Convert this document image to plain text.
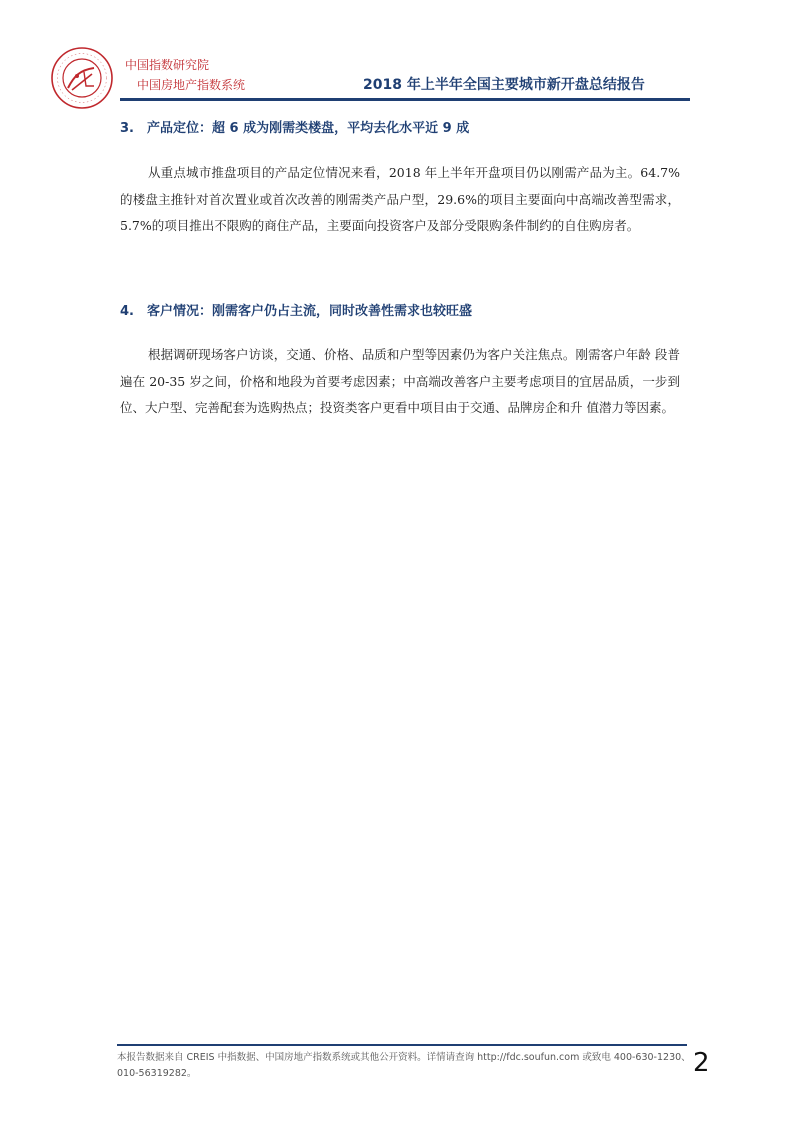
中国指数研究院
中国房地产指数系统	2018 年上半年全国主要城市新开盘总结报告
3. 产品定位：超 6 成为刚需类楼盘，平均去化水平近 9 成

从重点城市推盘项目的产品定位情况来看，2018 年上半年开盘项目仍以刚需产品为主。64.7%的楼盘主推针对首次置业或首次改善的刚需类产品户型，29.6%的项目主要面向中高端改善型需求，5.7%的项目推出不限购的商住产品，主要面向投资客户及部分受限购条件制约的自住购房者。

4. 客户情况：刚需客户仍占主流，同时改善性需求也较旺盛

根据调研现场客户访谈，交通、价格、品质和户型等因素仍为客户关注焦点。刚需客户年龄 段普遍在 20-35 岁之间，价格和地段为首要考虑因素；中高端改善客户主要考虑项目的宜居品质，一步到位、大户型、完善配套为选购热点；投资类客户更看中项目由于交通、品牌房企和升 值潜力等因素。

本报告数据来自 CREIS 中指数据、中国房地产指数系统或其他公开资料。详情请查询 http://fdc.soufun.com 或致电 400-630-1230、010-56319282。	2
